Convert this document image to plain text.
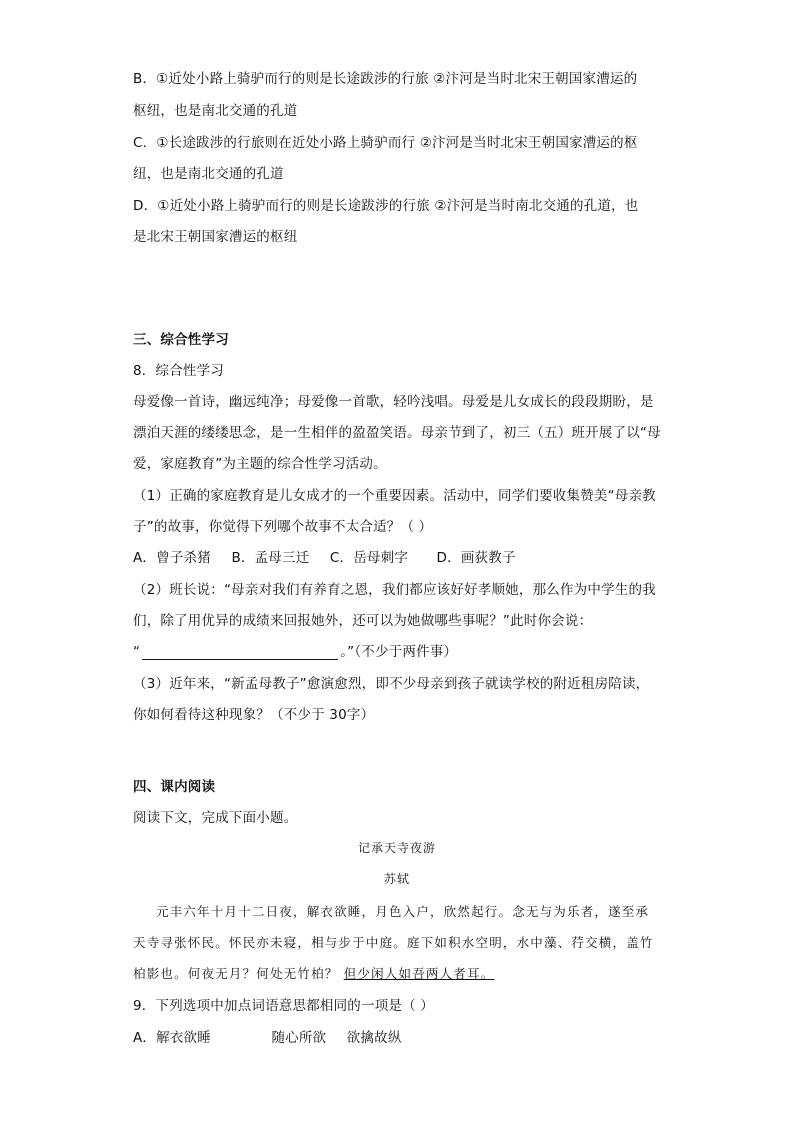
B．①近处小路上骑驴而行的则是长途跋涉的行旅 ②汴河是当时北宋王朝国家漕运的
枢纽，也是南北交通的孔道
C．①长途跋涉的行旅则在近处小路上骑驴而行 ②汴河是当时北宋王朝国家漕运的枢
纽，也是南北交通的孔道
D．①近处小路上骑驴而行的则是长途跋涉的行旅 ②汴河是当时南北交通的孔道，也
是北宋王朝国家漕运的枢纽
三、综合性学习
8．综合性学习
母爱像一首诗，幽远纯净；母爱像一首歌，轻吟浅唱。母爱是儿女成长的段段期盼，是
漂泊天涯的缕缕思念，是一生相伴的盈盈笑语。母亲节到了，初三（五）班开展了以“母
爱，家庭教育”为主题的综合性学习活动。
（1）正确的家庭教育是儿女成才的一个重要因素。活动中，同学们要收集赞美“母亲教
子”的故事，你觉得下列哪个故事不太合适？（ ）
A．曾子杀猪 B．孟母三迁 C．岳母刺字 D．画荻教子
（2）班长说：“母亲对我们有养育之恩，我们都应该好好孝顺她，那么作为中学生的我
们，除了用优异的成绩来回报她外，还可以为她做哪些事呢？”此时你会说：
“	。”（不少于两件事）
（3）近年来，“新孟母教子”愈演愈烈，即不少母亲到孩子就读学校的附近租房陪读，
你如何看待这种现象？（不少于 30字）
四、课内阅读
阅读下文，完成下面小题。
记承天寺夜游
苏轼
元丰六年十月十二日夜，解衣欲睡，月色入户，欣然起行。念无与为乐者，遂至承
天寺寻张怀民。怀民亦未寝，相与步于中庭。庭下如积水空明，水中藻、荇交横，盖竹
柏影也。何夜无月？何处无竹柏？ 但少闲人如吾两人者耳。
9．下列选项中加点词语意思都相同的一项是（ ）
A．解衣欲睡	随心所欲 欲擒故纵
